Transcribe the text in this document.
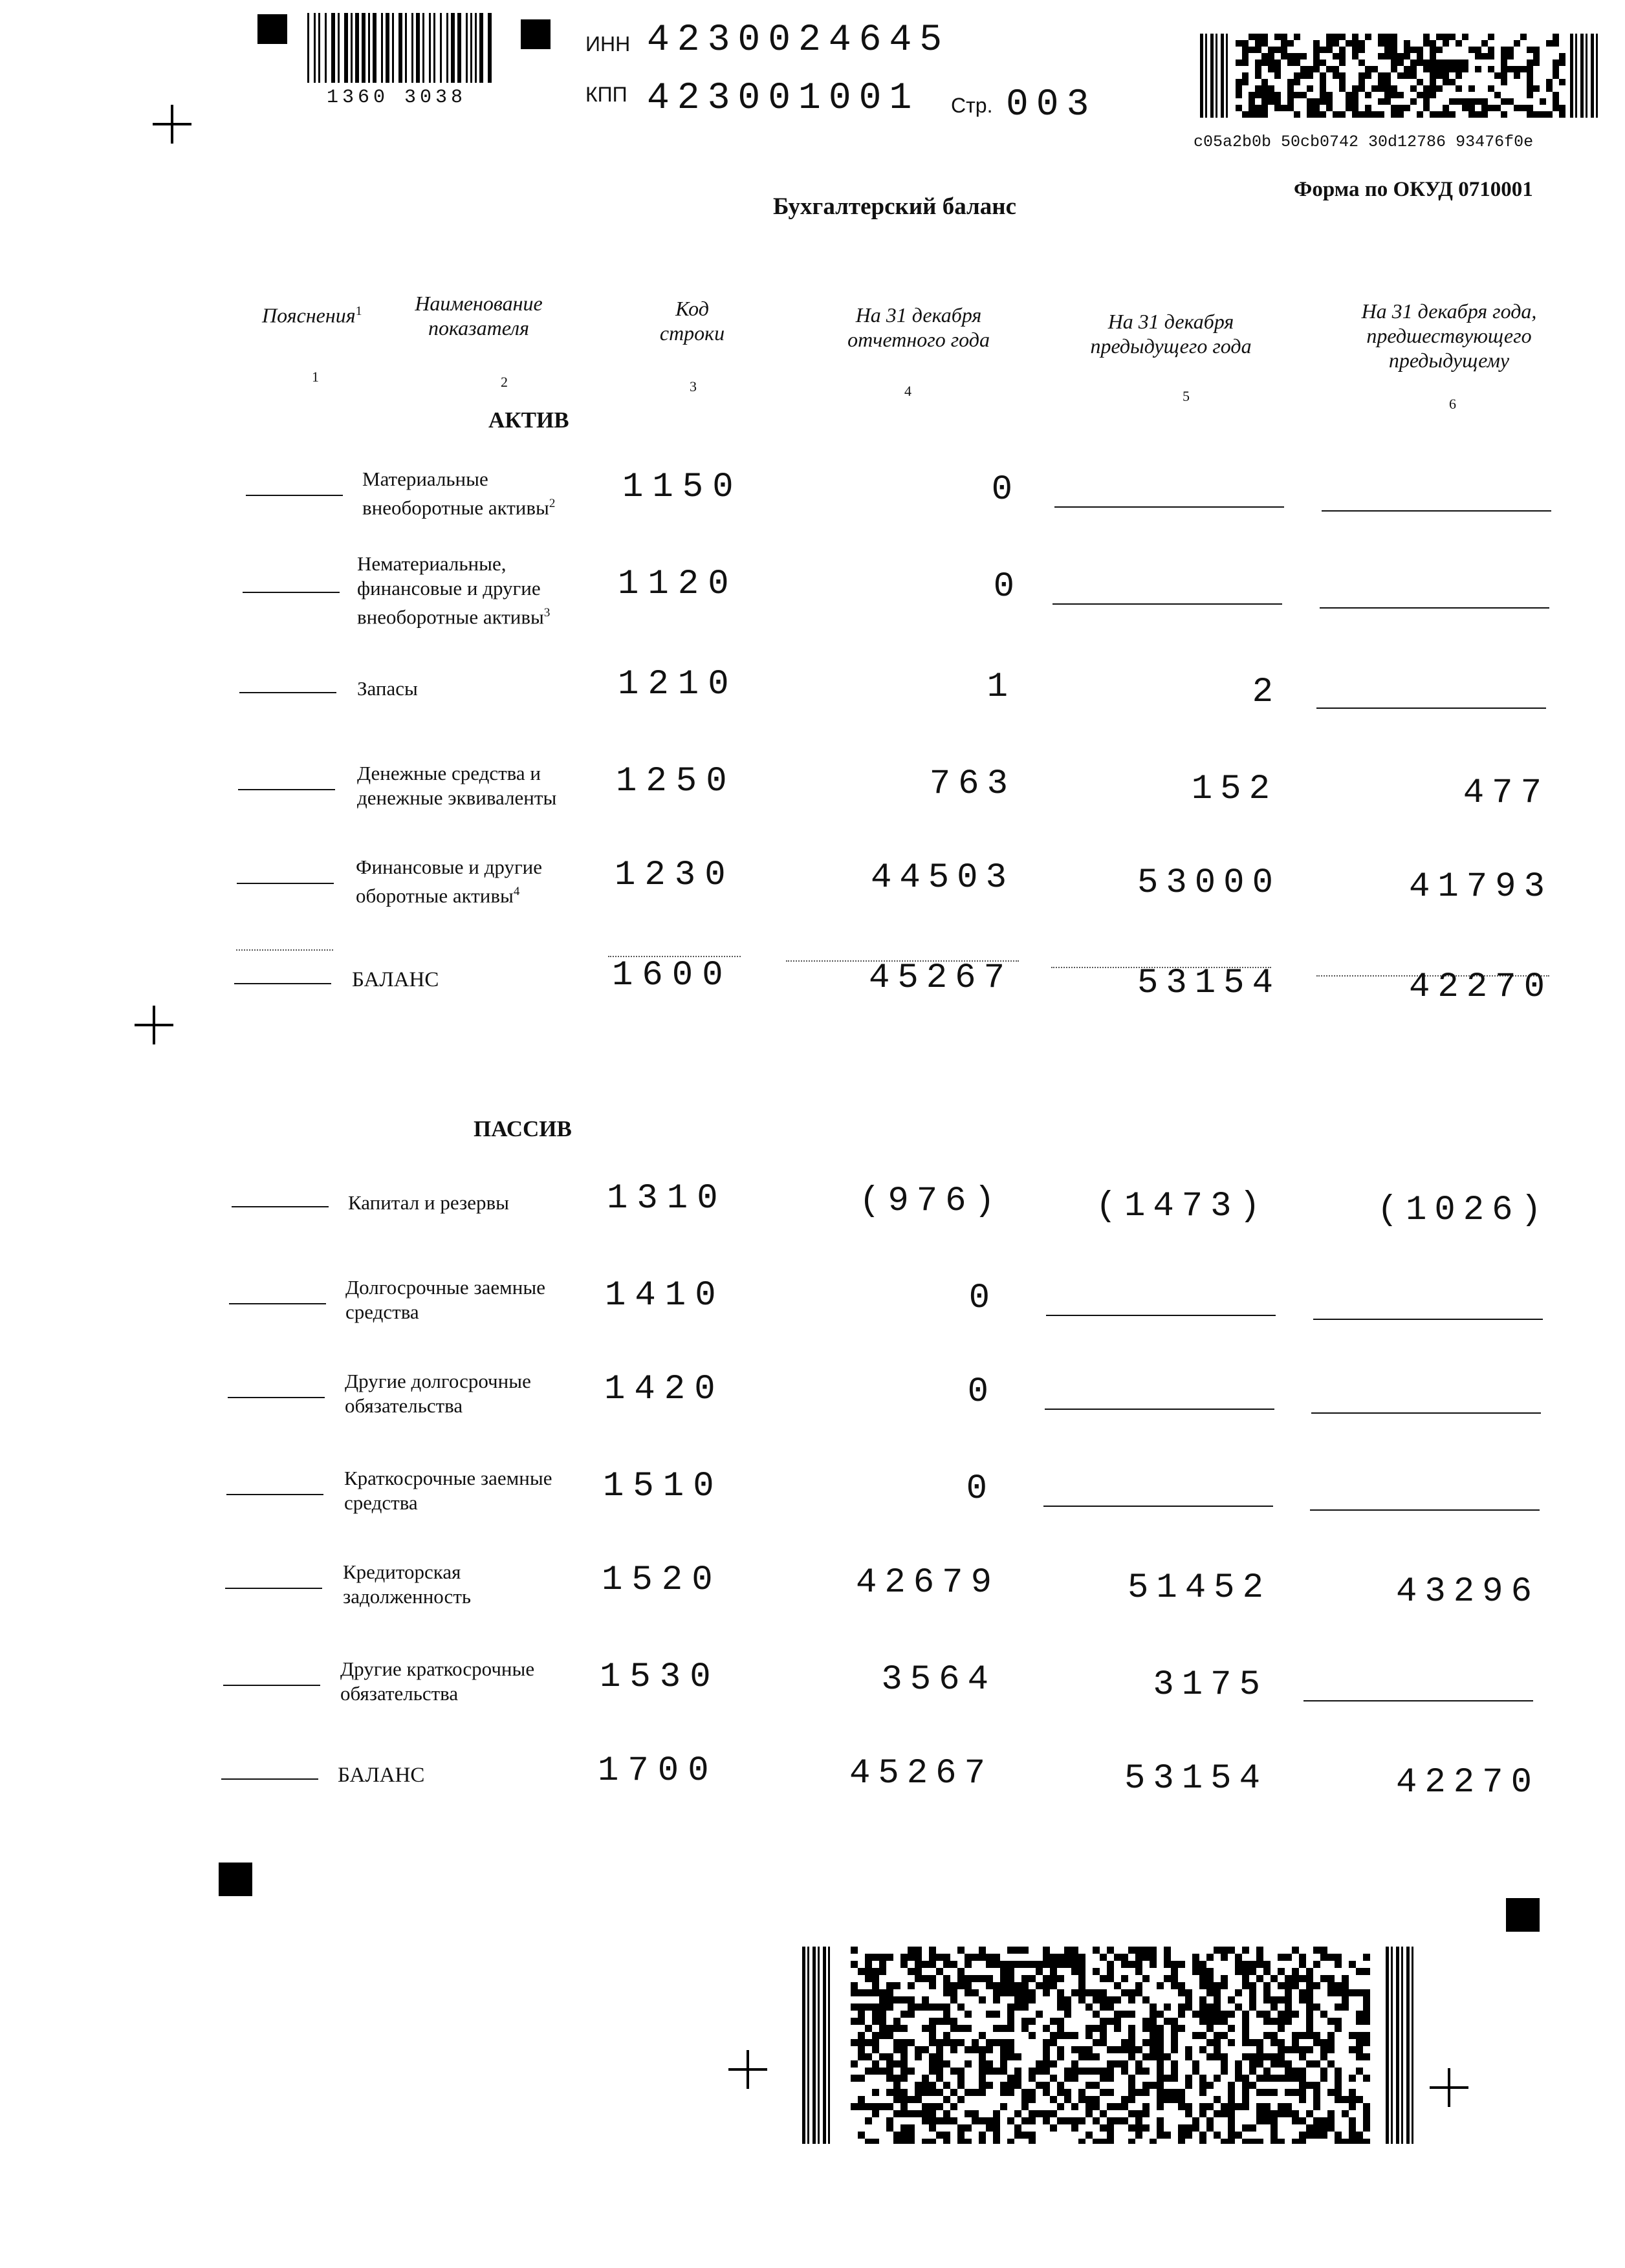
1360 3038
ИНН 4230024645
КПП 423001001 Стр. 003
c05a2b0b 50cb0742 30d12786 93476f0e
Форма по ОКУД 0710001
Бухгалтерский баланс
Пояснения$^1$	Наименование
показателя
Код
строки
На 31 декабря
отчетного года
На 31 декабря
предыдущего года
На 31 декабря года,
предшествующего
предыдущему
1	2	3	4	5	6
АКТИВ
ПАССИВ
Материальные
внеоборотные активы$^2$ 1150	0
Нематериальные,
финансовые и другие
внеоборотные активы$^3$
1120	0
Запасы	1210	1	2
Денежные средства и
денежные эквиваленты 1250	763	152	477
Финансовые и другие
оборотные активы$^4$	1230	44503	53000	41793
БАЛАНС	1600	45267	53154	42270
Капитал и резервы	1310	(976)	(1473)	(1026)
Долгосрочные заемные
средства	1410	0
Другие долгосрочные
обязательства	1420	0
Краткосрочные заемные
средства	1510	0
Кредиторская
задолженность	1520	42679	51452	43296
Другие краткосрочные
обязательства	1530	3564	3175
БАЛАНС	1700	45267	53154	42270
